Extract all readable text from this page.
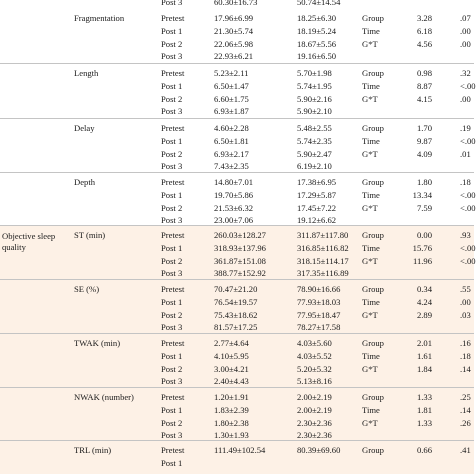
Post 3	60.30±16.73	50.74±14.54
Fragmentation	Pretest	17.96±6.99	18.25±6.30	Group	3.28	.07
Post 1	21.30±5.74	18.19±5.24	Time	6.18	.00
Post 2	22.06±5.98	18.67±5.56	G*T	4.56	.00
Post 3	22.93±6.21	19.16±6.50
Length	Pretest	5.23±2.11	5.70±1.98	Group	0.98	.32
Post 1	6.50±1.47	5.74±1.95	Time	8.87	<.00
Post 2	6.60±1.75	5.90±2.16	G*T	4.15	.00
Post 3	6.93±1.87	5.90±2.10
Delay	Pretest	4.60±2.28	5.48±2.55	Group	1.70	.19
Post 1	6.50±1.81	5.74±2.35	Time	9.87	<.00
Post 2	6.93±2.17	5.90±2.47	G*T	4.09	.01
Post 3	7.43±2.35	6.19±2.10
Depth	Pretest	14.80±7.01	17.38±6.95	Group	1.80	.18
Post 1	19.70±5.86	17.29±5.87	Time	13.34	<.00
Post 2	21.53±6.32	17.45±7.22	G*T	7.59	<.00
Post 3	23.00±7.06	19.12±6.62
Objective sleep
quality
ST (min)	Pretest	260.03±128.27	311.87±117.80 Group	0.00	.93
Post 1	318.93±137.96	316.85±116.82 Time	15.76	<.00
Post 2	361.87±151.08	318.15±114.17 G*T	11.96	<.00
Post 3	388.77±152.92	317.35±116.89
SE (%)	Pretest	70.47±21.20	78.90±16.66	Group	0.34	.55
Post 1	76.54±19.57	77.93±18.03	Time	4.24	.00
Post 2	75.43±18.62	77.95±18.47	G*T	2.89	.03
Post 3	81.57±17.25	78.27±17.58
TWAK (min)	Pretest	2.77±4.64	4.03±5.60	Group	2.01	.16
Post 1	4.10±5.95	4.03±5.52	Time	1.61	.18
Post 2	3.00±4.21	5.20±5.32	G*T	1.84	.14
Post 3	2.40±4.43	5.13±8.16
NWAK (number)	Pretest	1.20±1.91	2.00±2.19	Group	1.33	.25
Post 1	1.83±2.39	2.00±2.19	Time	1.81	.14
Post 2	1.80±2.38	2.30±2.36	G*T	1.33	.26
Post 3	1.30±1.93	2.30±2.36
TRL (min)	Pretest	111.49±102.54	80.39±69.60	Group	0.66	.41
Post 1
